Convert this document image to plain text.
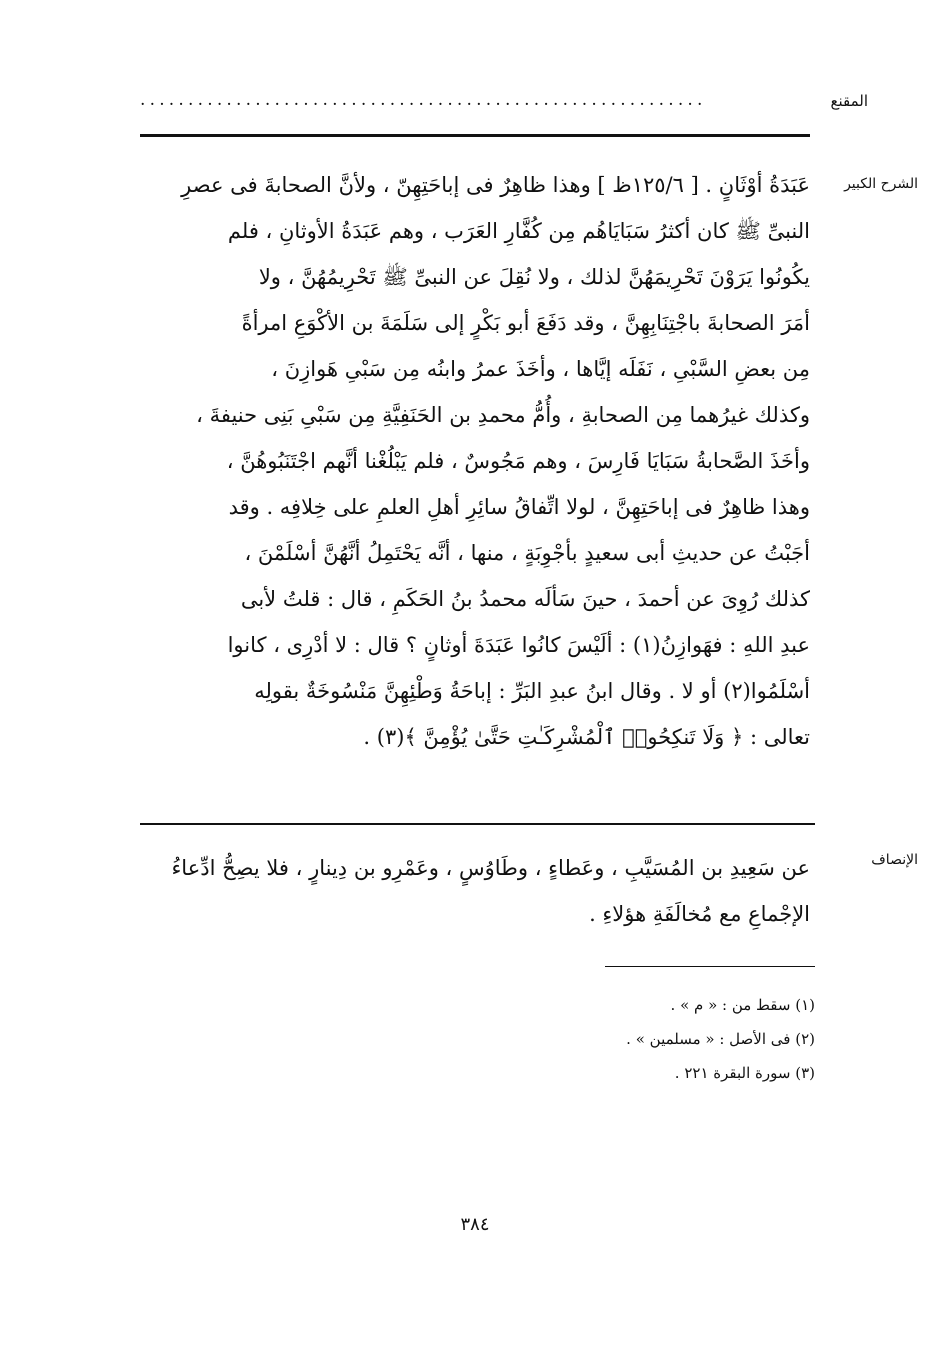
المقنع
...........................................................
الشرح الكبير
عَبَدَةُ أوْثَانٍ . [ ١٢٥/٦ظ ] وهذا ظاهِرٌ فى إباحَتِهِنّ ، ولأنَّ الصحابةَ فى عصرِ
النبىِّ ﷺ كان أكثرُ سَبَايَاهُم مِن كُفَّارِ العَرَب ، وهم عَبَدَةُ الأوثانِ ، فلم
يكُونُوا يَرَوْنَ تَحْرِيمَهُنَّ لذلك ، ولا نُقِلَ عن النبىِّ ﷺ تَحْرِيمُهُنَّ ، ولا
أمَرَ الصحابةَ باجْتِنَابِهِنَّ ، وقد دَفَعَ أبو بَكْرٍ إلى سَلَمَةَ بن الأكْوَعِ امرأةً
مِن بعضِ السَّبْىِ ، نَفَلَه إيَّاها ، وأخَذَ عمرُ وابنُه مِن سَبْىِ هَوازِنَ ،
وكذلك غيرُهما مِن الصحابةِ ، وأُمُّ محمدِ بن الحَنَفِيَّةِ مِن سَبْىِ بَنِى حنيفةَ ،
وأخَذَ الصَّحابةُ سَبَايَا فَارِسَ ، وهم مَجُوسٌ ، فلم يَبْلُغْنا أنَّهم اجْتَنَبُوهُنَّ ،
وهذا ظاهِرٌ فى إباحَتِهِنَّ ، لولا اتِّفاقُ سائِرِ أهلِ العلمِ على خِلافِه . وقد
أجَبْتُ عن حديثِ أبى سعيدٍ بأجْوِبَةٍ ، منها ، أنَّه يَحْتَمِلُ أنَّهُنَّ أسْلَمْنَ ،
كذلك رُوِىَ عن أحمدَ ، حينَ سَألَه محمدُ بنُ الحَكَمِ ، قال : قلتُ لأبى
عبدِ اللهِ : فهَوازِنُ(١) : ألَيْسَ كانُوا عَبَدَةَ أوثانٍ ؟ قال : لا أدْرِى ، كانوا
أسْلَمُوا(٢) أو لا . وقال ابنُ عبدِ البَرِّ : إباحَةُ وَطْئِهِنَّ مَنْسُوخَةٌ بقولِه
تعالى : ﴿ وَلَا تَنكِحُوا۟ ٱلْمُشْرِكَـٰتِ حَتَّىٰ يُؤْمِنَّ ﴾(٣) .
الإنصاف
عن سَعِيدِ بن المُسَيَّبِ ، وعَطاءٍ ، وطَاوُسٍ ، وعَمْرِو بن دِينارٍ ، فلا يصِحُّ ادِّعاءُ
الإجْماعِ مع مُخالَفَةِ هؤلاءِ .
(١) سقط من : « م » .
(٢) فى الأصل : « مسلمين » .
(٣) سورة البقرة ٢٢١ .
٣٨٤
